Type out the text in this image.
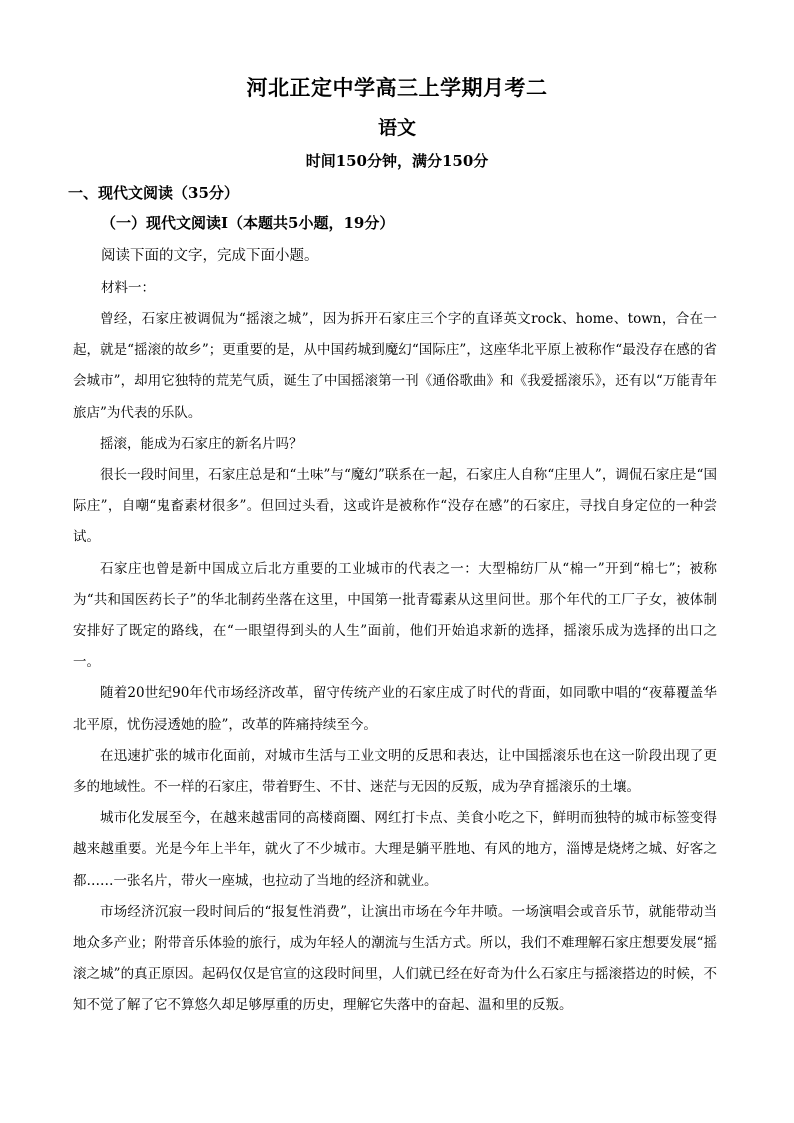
河北正定中学高三上学期月考二
语文
时间150分钟，满分150分
一、现代文阅读（35分）
（一）现代文阅读Ⅰ（本题共5小题，19分）
阅读下面的文字，完成下面小题。
材料一：

曾经，石家庄被调侃为“摇滚之城”，因为拆开石家庄三个字的直译英文rock、home、town，合在一起，就是“摇滚的故乡”；更重要的是，从中国药城到魔幻“国际庄”，这座华北平原上被称作“最没存在感的省会城市”，却用它独特的荒芜气质，诞生了中国摇滚第一刊《通俗歌曲》和《我爱摇滚乐》，还有以“万能青年旅店”为代表的乐队。

摇滚，能成为石家庄的新名片吗？

很长一段时间里，石家庄总是和“土味”与“魔幻”联系在一起，石家庄人自称“庄里人”，调侃石家庄是“国际庄”，自嘲“鬼畜素材很多”。但回过头看，这或许是被称作“没存在感”的石家庄，寻找自身定位的一种尝试。

石家庄也曾是新中国成立后北方重要的工业城市的代表之一：大型棉纺厂从“棉一”开到“棉七”；被称为“共和国医药长子”的华北制药坐落在这里，中国第一批青霉素从这里问世。那个年代的工厂子女，被体制安排好了既定的路线，在“一眼望得到头的人生”面前，他们开始追求新的选择，摇滚乐成为选择的出口之一。

随着20世纪90年代市场经济改革，留守传统产业的石家庄成了时代的背面，如同歌中唱的“夜幕覆盖华北平原，忧伤浸透她的脸”，改革的阵痛持续至今。

在迅速扩张的城市化面前，对城市生活与工业文明的反思和表达，让中国摇滚乐也在这一阶段出现了更多的地域性。不一样的石家庄，带着野生、不甘、迷茫与无因的反叛，成为孕育摇滚乐的土壤。

城市化发展至今，在越来越雷同的高楼商圈、网红打卡点、美食小吃之下，鲜明而独特的城市标签变得越来越重要。光是今年上半年，就火了不少城市。大理是躺平胜地、有风的地方，淄博是烧烤之城、好客之都……一张名片，带火一座城，也拉动了当地的经济和就业。

市场经济沉寂一段时间后的“报复性消费”，让演出市场在今年井喷。一场演唱会或音乐节，就能带动当地众多产业；附带音乐体验的旅行，成为年轻人的潮流与生活方式。所以，我们不难理解石家庄想要发展“摇滚之城”的真正原因。起码仅仅是官宣的这段时间里，人们就已经在好奇为什么石家庄与摇滚搭边的时候，不知不觉了解了它不算悠久却足够厚重的历史，理解它失落中的奋起、温和里的反叛。
